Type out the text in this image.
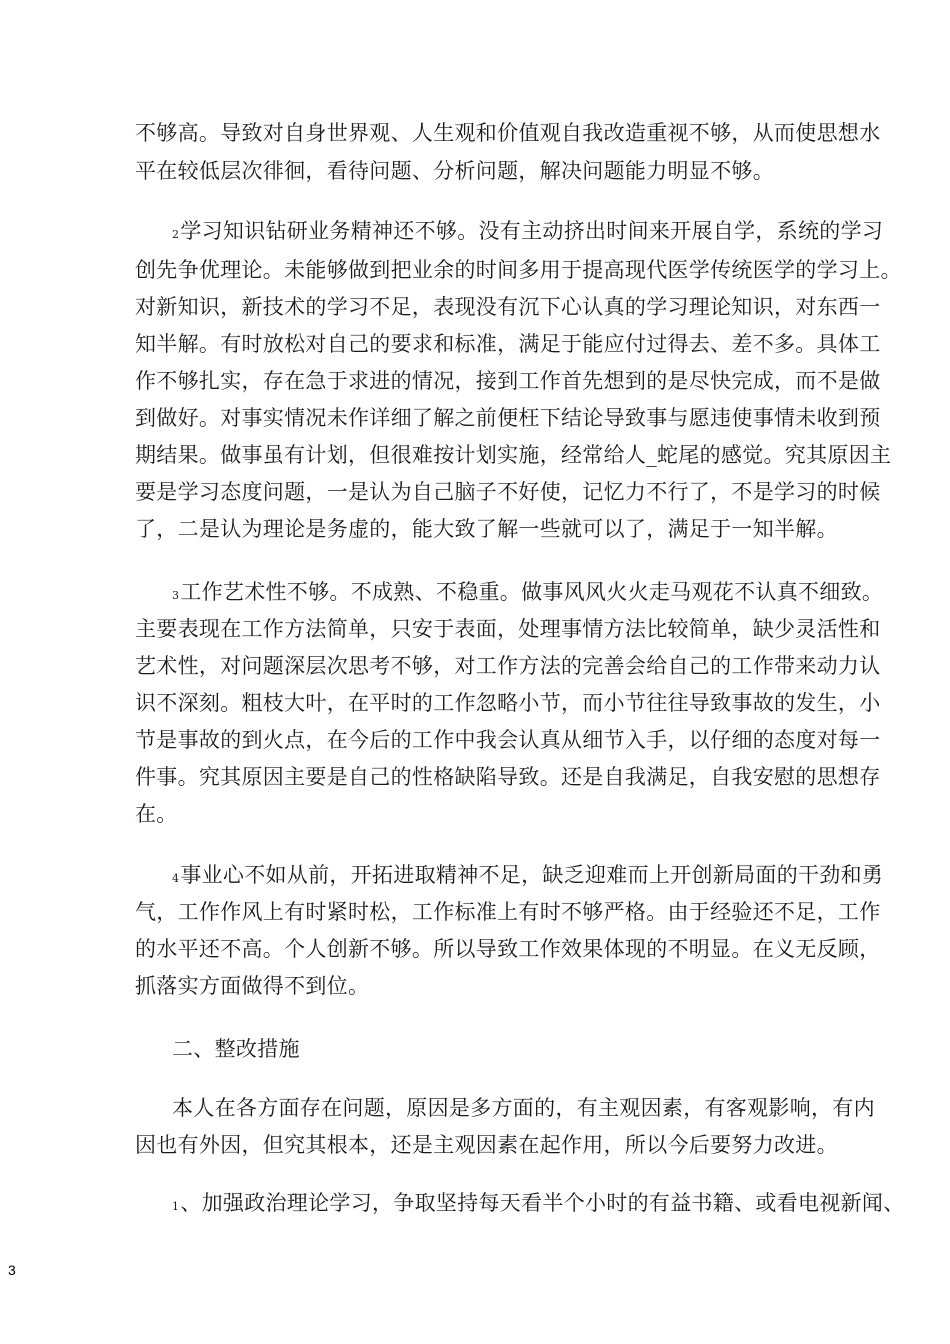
不够高。导致对自身世界观、人生观和价值观自我改造重视不够，从而使思想水
平在较低层次徘徊，看待问题、分析问题，解决问题能力明显不够。
2学习知识钻研业务精神还不够。没有主动挤出时间来开展自学，系统的学习
创先争优理论。未能够做到把业余的时间多用于提高现代医学传统医学的学习上。
对新知识，新技术的学习不足，表现没有沉下心认真的学习理论知识，对东西一
知半解。有时放松对自己的要求和标准，满足于能应付过得去、差不多。具体工
作不够扎实，存在急于求进的情况，接到工作首先想到的是尽快完成，而不是做
到做好。对事实情况未作详细了解之前便枉下结论导致事与愿违使事情未收到预
期结果。做事虽有计划，但很难按计划实施，经常给人_蛇尾的感觉。究其原因主
要是学习态度问题，一是认为自己脑子不好使，记忆力不行了，不是学习的时候
了，二是认为理论是务虚的，能大致了解一些就可以了，满足于一知半解。
3工作艺术性不够。不成熟、不稳重。做事风风火火走马观花不认真不细致。
主要表现在工作方法简单，只安于表面，处理事情方法比较简单，缺少灵活性和
艺术性，对问题深层次思考不够，对工作方法的完善会给自己的工作带来动力认
识不深刻。粗枝大叶，在平时的工作忽略小节，而小节往往导致事故的发生，小
节是事故的到火点，在今后的工作中我会认真从细节入手，以仔细的态度对每一
件事。究其原因主要是自己的性格缺陷导致。还是自我满足，自我安慰的思想存
在。
4事业心不如从前，开拓进取精神不足，缺乏迎难而上开创新局面的干劲和勇
气，工作作风上有时紧时松，工作标准上有时不够严格。由于经验还不足，工作
的水平还不高。个人创新不够。所以导致工作效果体现的不明显。在义无反顾，
抓落实方面做得不到位。
二、整改措施
本人在各方面存在问题，原因是多方面的，有主观因素，有客观影响，有内
因也有外因，但究其根本，还是主观因素在起作用，所以今后要努力改进。
1、加强政治理论学习，争取坚持每天看半个小时的有益书籍、或看电视新闻、
3
